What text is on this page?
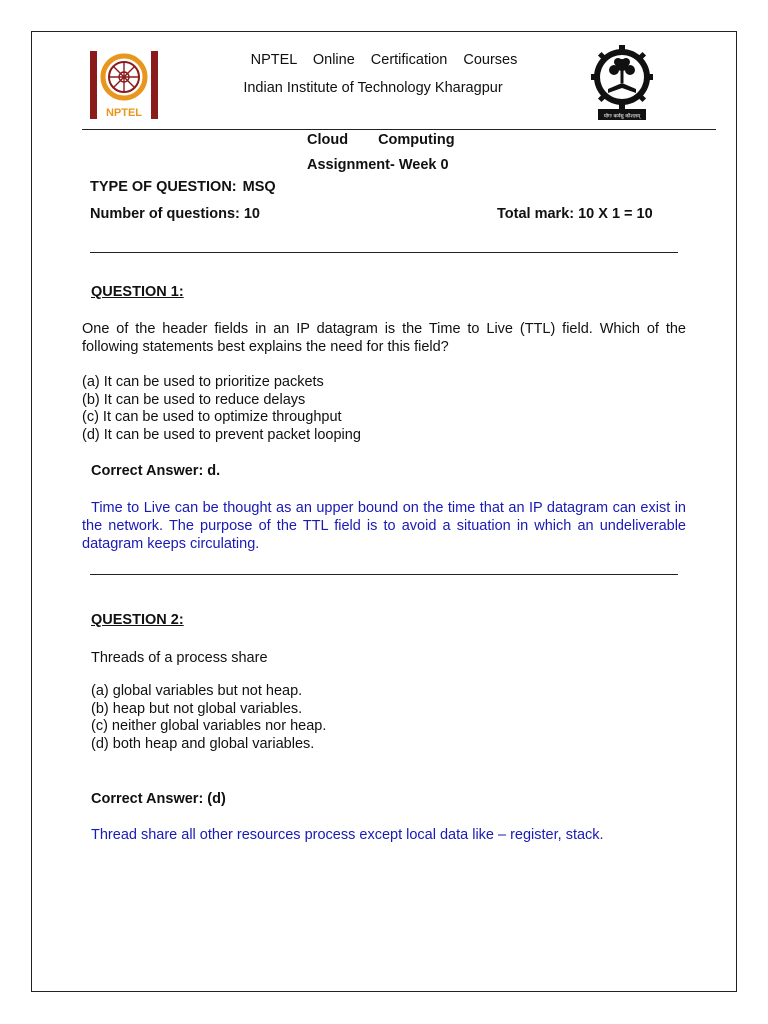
NPTEL
NPTEL Online Certification Courses
Indian Institute of Technology Kharagpur
योगः कर्मसु कौशलम्
Cloud Computing
Assignment- Week 0
TYPE OF QUESTION: MSQ
Number of questions: 10	Total mark: 10 X 1 = 10
QUESTION 1:
One of the header fields in an IP datagram is the Time to Live (TTL) field. Which of the following statements best explains the need for this field?
(a) It can be used to prioritize packets
(b) It can be used to reduce delays
(c) It can be used to optimize throughput
(d) It can be used to prevent packet looping
Correct Answer: d.
Time to Live can be thought as an upper bound on the time that an IP datagram can exist in the network. The purpose of the TTL field is to avoid a situation in which an undeliverable datagram keeps circulating.
QUESTION 2:
Threads of a process share
(a) global variables but not heap.
(b) heap but not global variables.
(c) neither global variables nor heap.
(d) both heap and global variables.
Correct Answer: (d)
Thread share all other resources process except local data like – register, stack.
